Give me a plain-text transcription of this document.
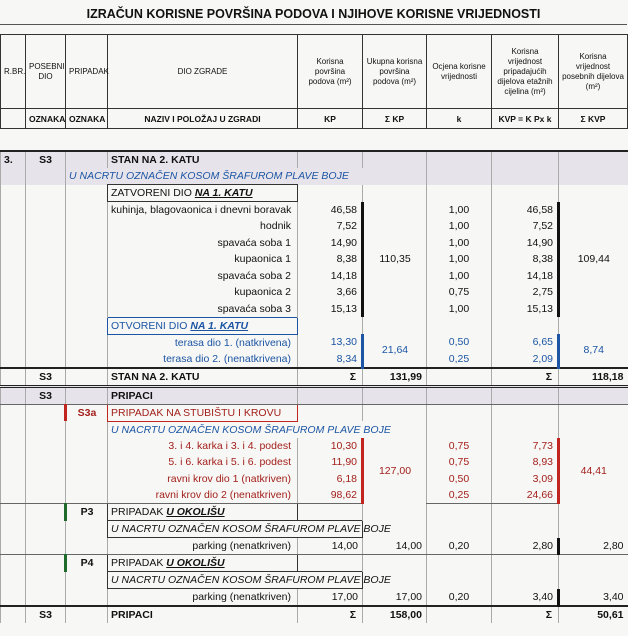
IZRAČUN KORISNE POVRŠINA PODOVA I NJIHOVE KORISNE VRIJEDNOSTI
R.BR.	POSEBNI DIO	PRIPADAK	DIO ZGRADE	Korisna površina podova (m²)	Ukupna korisna površina podova (m²)	Ocjena korisne vrijednosti	Korisna vrijednost pripadajućih dijelova etažnih cijelina (m²)	Korisna vrijednost posebnih dijelova (m²)
	OZNAKA	OZNAKA	NAZIV I POLOŽAJ U ZGRADI	KP	Σ KP	k	KVP = K Px k	Σ KVP
3.	S3		STAN NA 2. KATU					
		U NACRTU OZNAČEN KOSOM ŠRAFUROM PLAVE BOJE						
			ZATVORENI DIO NA 1. KATU					
			kuhinja, blagovaonica i dnevni boravak	46,58	110,35	1,00	46,58	109,44
			hodnik	7,52		1,00	7,52	
			spavaća soba 1	14,90		1,00	14,90	
			kupaonica 1	8,38		1,00	8,38	
			spavaća soba 2	14,18		1,00	14,18	
			kupaonica 2	3,66		0,75	2,75	
			spavaća soba 3	15,13		1,00	15,13	
			OTVORENI DIO NA 1. KATU					
			terasa dio 1. (natkrivena)	13,30	21,64	0,50	6,65	8,74
			terasa dio 2. (nenatkrivena)	8,34		0,25	2,09	
	S3		STAN NA 2. KATU	Σ	131,99		Σ	118,18
	S3		PRIPACI					
		S3a	PRIPADAK NA STUBIŠTU I KROVU					
			U NACRTU OZNAČEN KOSOM ŠRAFUROM PLAVE BOJE					
			3. i 4. karka i 3. i 4. podest	10,30	127,00	0,75	7,73	44,41
			5. i 6. karka i 5. i 6. podest	11,90		0,75	8,93	
			ravni krov dio 1 (natkriven)	6,18		0,50	3,09	
			ravni krov dio 2 (nenatkriven)	98,62		0,25	24,66	
		P3	PRIPADAK U OKOLIŠU					
			U NACRTU OZNAČEN KOSOM ŠRAFUROM PLAVE BOJE					
			parking (nenatkriven)	14,00	14,00	0,20	2,80	2,80
		P4	PRIPADAK U OKOLIŠU					
			U NACRTU OZNAČEN KOSOM ŠRAFUROM PLAVE BOJE					
			parking (nenatkriven)	17,00	17,00	0,20	3,40	3,40
	S3		PRIPACI	Σ	158,00		Σ	50,61
